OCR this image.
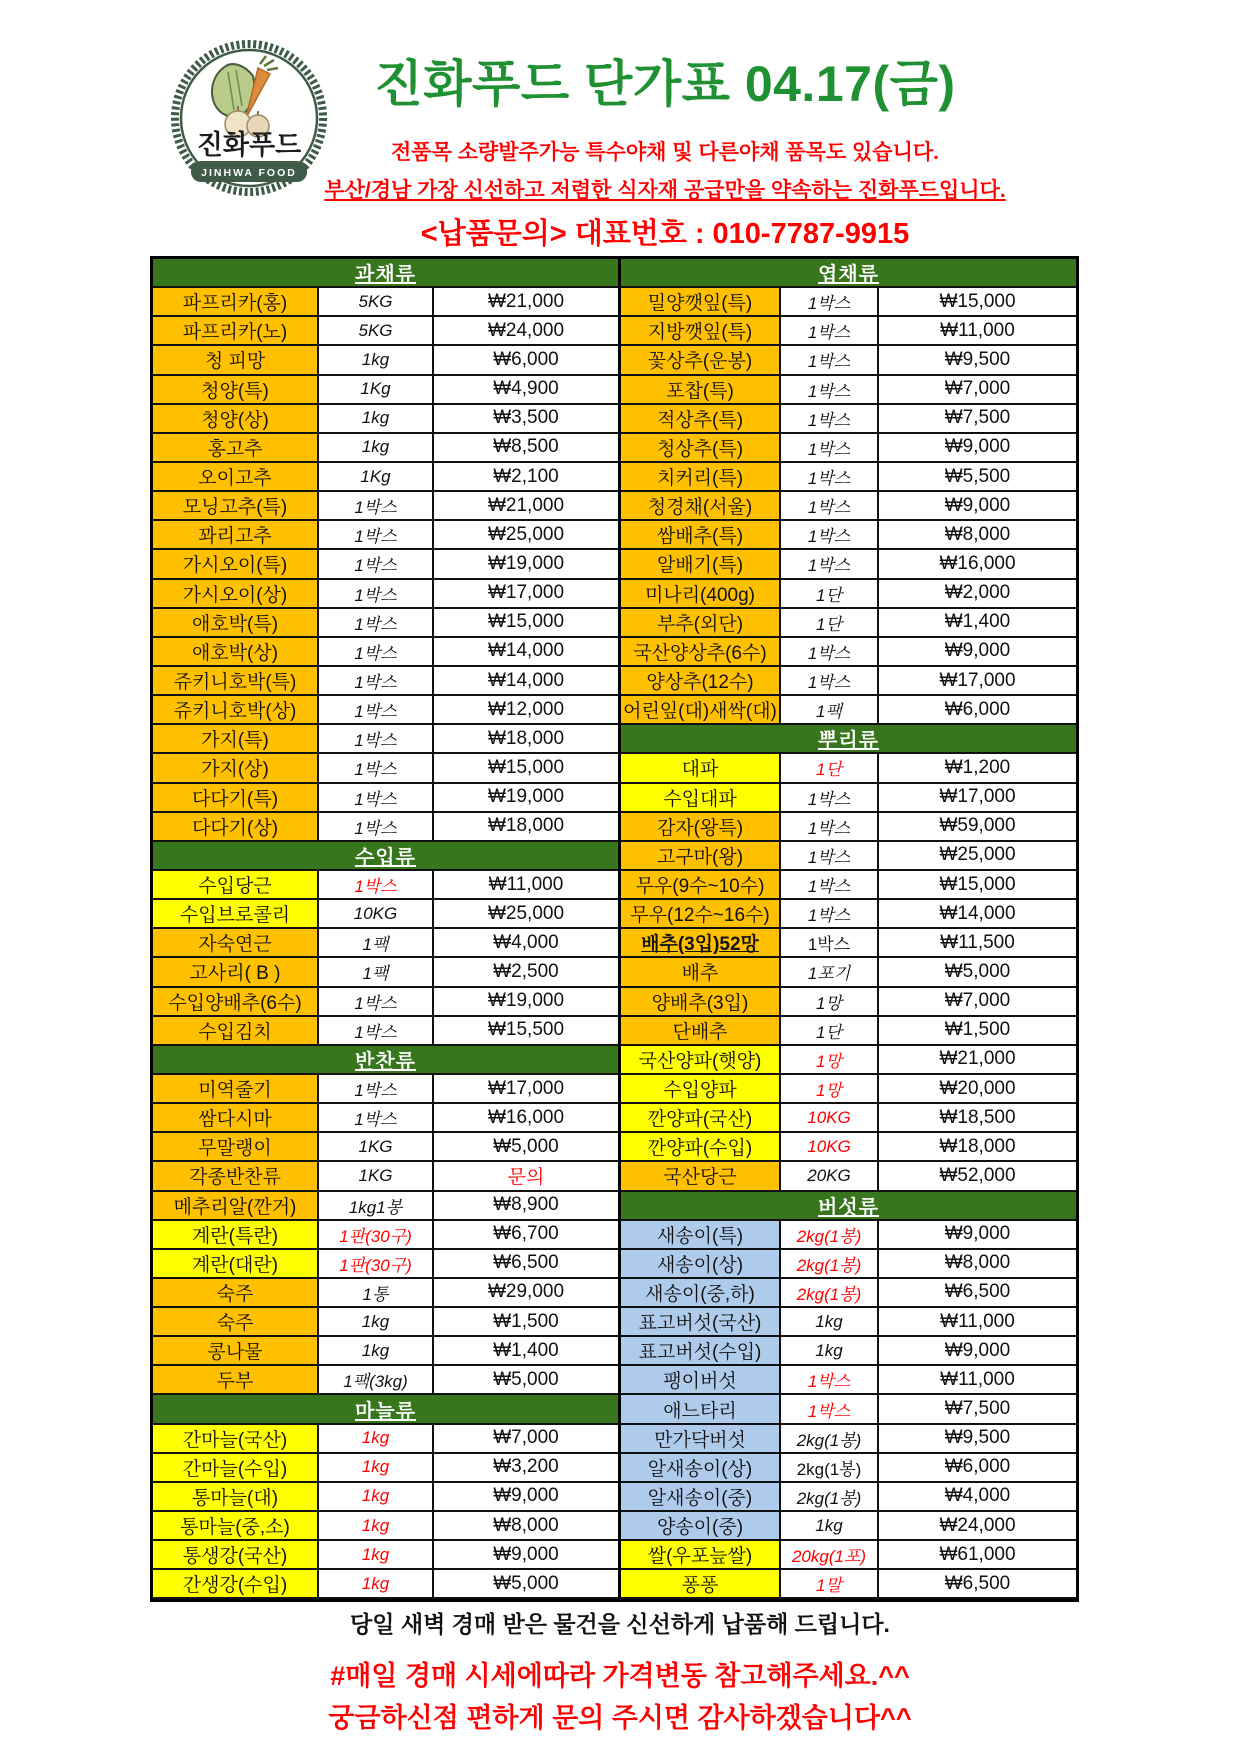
진화푸드
JINHWA FOOD
진화푸드 단가표 04.17(금)
전품목 소량발주가능 특수야채 및 다른야채 품목도 있습니다.
부산/경남 가장 신선하고 저렴한 식자재 공급만을 약속하는 진화푸드입니다.
<납품문의> 대표번호 : 010-7787-9915
과채류
파프리카(홍)	5KG	₩21,000
파프리카(노)	5KG	₩24,000
청 피망	1kg	₩6,000
청양(특)	1Kg	₩4,900
청양(상)	1kg	₩3,500
홍고추	1kg	₩8,500
오이고추	1Kg	₩2,100
모닝고추(특)	1박스	₩21,000
꽈리고추	1박스	₩25,000
가시오이(특)	1박스	₩19,000
가시오이(상)	1박스	₩17,000
애호박(특)	1박스	₩15,000
애호박(상)	1박스	₩14,000
쥬키니호박(특)	1박스	₩14,000
쥬키니호박(상)	1박스	₩12,000
가지(특)	1박스	₩18,000
가지(상)	1박스	₩15,000
다다기(특)	1박스	₩19,000
다다기(상)	1박스	₩18,000
수입류
수입당근	1박스	₩11,000
수입브로콜리	10KG	₩25,000
자숙연근	1팩	₩4,000
고사리( B )	1팩	₩2,500
수입양배추(6수)	1박스	₩19,000
수입김치	1박스	₩15,500
반찬류
미역줄기	1박스	₩17,000
쌈다시마	1박스	₩16,000
무말랭이	1KG	₩5,000
각종반찬류	1KG	문의
메추리알(깐거)	1kg1봉	₩8,900
계란(특란)	1판(30구)	₩6,700
계란(대란)	1판(30구)	₩6,500
숙주	1통	₩29,000
숙주	1kg	₩1,500
콩나물	1kg	₩1,400
두부	1팩(3kg)	₩5,000
마늘류
간마늘(국산)	1kg	₩7,000
간마늘(수입)	1kg	₩3,200
통마늘(대)	1kg	₩9,000
통마늘(중,소)	1kg	₩8,000
통생강(국산)	1kg	₩9,000
간생강(수입)	1kg	₩5,000
엽채류
밀양깻잎(특)	1박스	₩15,000
지방깻잎(특)	1박스	₩11,000
꽃상추(운봉)	1박스	₩9,500
포찹(특)	1박스	₩7,000
적상추(특)	1박스	₩7,500
청상추(특)	1박스	₩9,000
치커리(특)	1박스	₩5,500
청경채(서울)	1박스	₩9,000
쌈배추(특)	1박스	₩8,000
알배기(특)	1박스	₩16,000
미나리(400g)	1단	₩2,000
부추(외단)	1단	₩1,400
국산양상추(6수)	1박스	₩9,000
양상추(12수)	1박스	₩17,000
어린잎(대)새싹(대)	1팩	₩6,000
뿌리류
대파	1단	₩1,200
수입대파	1박스	₩17,000
감자(왕특)	1박스	₩59,000
고구마(왕)	1박스	₩25,000
무우(9수~10수)	1박스	₩15,000
무우(12수~16수)	1박스	₩14,000
배추(3입)52망	1박스	₩11,500
배추	1포기	₩5,000
양배추(3입)	1망	₩7,000
단배추	1단	₩1,500
국산양파(햇양)	1망	₩21,000
수입양파	1망	₩20,000
깐양파(국산)	10KG	₩18,500
깐양파(수입)	10KG	₩18,000
국산당근	20KG	₩52,000
버섯류
새송이(특)	2kg(1봉)	₩9,000
새송이(상)	2kg(1봉)	₩8,000
새송이(중,하)	2kg(1봉)	₩6,500
표고버섯(국산)	1kg	₩11,000
표고버섯(수입)	1kg	₩9,000
팽이버섯	1박스	₩11,000
애느타리	1박스	₩7,500
만가닥버섯	2kg(1봉)	₩9,500
알새송이(상)	2kg(1봉)	₩6,000
알새송이(중)	2kg(1봉)	₩4,000
양송이(중)	1kg	₩24,000
쌀(우포늪쌀)	20kg(1포)	₩61,000
퐁퐁	1말	₩6,500
당일 새벽 경매 받은 물건을 신선하게 납품해 드립니다.
#매일 경매 시세에따라 가격변동 참고해주세요.^^
궁금하신점 편하게 문의 주시면 감사하겠습니다^^
